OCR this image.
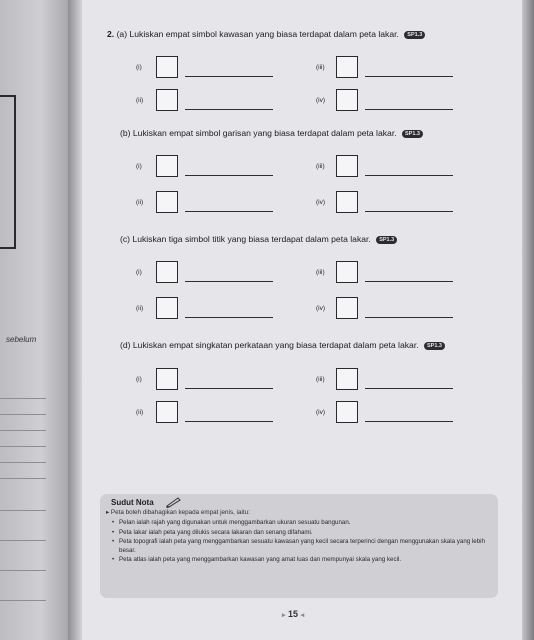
sebelum
2. (a) Lukiskan empat simbol kawasan yang biasa terdapat dalam peta lakar. SP1.3
(i)
(ii)
(iii)
(iv)
(b) Lukiskan empat simbol garisan yang biasa terdapat dalam peta lakar. SP1.3
(i)
(ii)
(iii)
(iv)
(c) Lukiskan tiga simbol titik yang biasa terdapat dalam peta lakar. SP1.3
(i)
(ii)
(iii)
(iv)
(d) Lukiskan empat singkatan perkataan yang biasa terdapat dalam peta lakar. SP1.3
(i)
(ii)
(iii)
(iv)
Sudut Nota
▸ Peta boleh dibahagikan kepada empat jenis, iaitu:
• Pelan ialah rajah yang digunakan untuk menggambarkan ukuran sesuatu bangunan.
• Peta lakar ialah peta yang dilukis secara lakaran dan senang difahami.
• Peta topografi ialah peta yang menggambarkan sesuatu kawasan yang kecil secara terperinci dengan menggunakan skala yang lebih besar.
• Peta atlas ialah peta yang menggambarkan kawasan yang amat luas dan mempunyai skala yang kecil.
▸ 15 ◂
